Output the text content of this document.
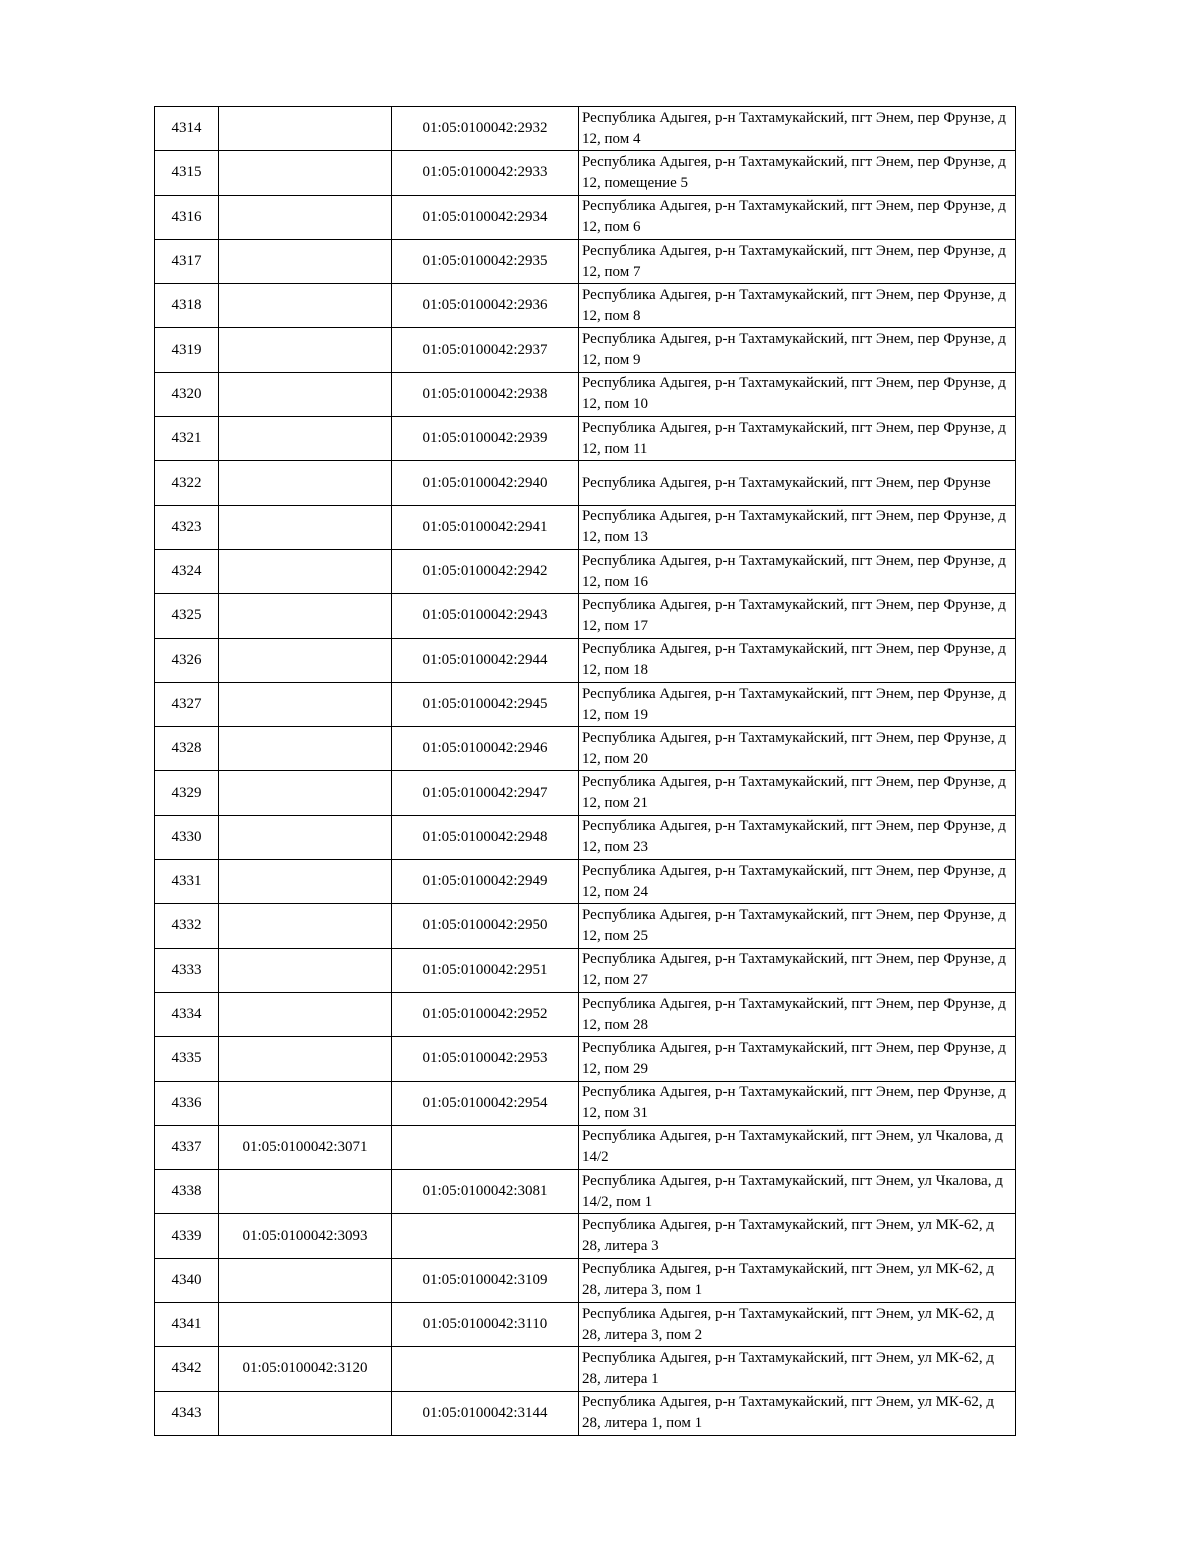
4314		01:05:0100042:2932	Республика Адыгея, р-н Тахтамукайский, пгт Энем, пер Фрунзе, д 12, пом 4
4315		01:05:0100042:2933	Республика Адыгея, р-н Тахтамукайский, пгт Энем, пер Фрунзе, д 12, помещение 5
4316		01:05:0100042:2934	Республика Адыгея, р-н Тахтамукайский, пгт Энем, пер Фрунзе, д 12, пом 6
4317		01:05:0100042:2935	Республика Адыгея, р-н Тахтамукайский, пгт Энем, пер Фрунзе, д 12, пом 7
4318		01:05:0100042:2936	Республика Адыгея, р-н Тахтамукайский, пгт Энем, пер Фрунзе, д 12, пом 8
4319		01:05:0100042:2937	Республика Адыгея, р-н Тахтамукайский, пгт Энем, пер Фрунзе, д 12, пом 9
4320		01:05:0100042:2938	Республика Адыгея, р-н Тахтамукайский, пгт Энем, пер Фрунзе, д 12, пом 10
4321		01:05:0100042:2939	Республика Адыгея, р-н Тахтамукайский, пгт Энем, пер Фрунзе, д 12, пом 11
4322		01:05:0100042:2940	Республика Адыгея, р-н Тахтамукайский, пгт Энем, пер Фрунзе
4323		01:05:0100042:2941	Республика Адыгея, р-н Тахтамукайский, пгт Энем, пер Фрунзе, д 12, пом 13
4324		01:05:0100042:2942	Республика Адыгея, р-н Тахтамукайский, пгт Энем, пер Фрунзе, д 12, пом 16
4325		01:05:0100042:2943	Республика Адыгея, р-н Тахтамукайский, пгт Энем, пер Фрунзе, д 12, пом 17
4326		01:05:0100042:2944	Республика Адыгея, р-н Тахтамукайский, пгт Энем, пер Фрунзе, д 12, пом 18
4327		01:05:0100042:2945	Республика Адыгея, р-н Тахтамукайский, пгт Энем, пер Фрунзе, д 12, пом 19
4328		01:05:0100042:2946	Республика Адыгея, р-н Тахтамукайский, пгт Энем, пер Фрунзе, д 12, пом 20
4329		01:05:0100042:2947	Республика Адыгея, р-н Тахтамукайский, пгт Энем, пер Фрунзе, д 12, пом 21
4330		01:05:0100042:2948	Республика Адыгея, р-н Тахтамукайский, пгт Энем, пер Фрунзе, д 12, пом 23
4331		01:05:0100042:2949	Республика Адыгея, р-н Тахтамукайский, пгт Энем, пер Фрунзе, д 12, пом 24
4332		01:05:0100042:2950	Республика Адыгея, р-н Тахтамукайский, пгт Энем, пер Фрунзе, д 12, пом 25
4333		01:05:0100042:2951	Республика Адыгея, р-н Тахтамукайский, пгт Энем, пер Фрунзе, д 12, пом 27
4334		01:05:0100042:2952	Республика Адыгея, р-н Тахтамукайский, пгт Энем, пер Фрунзе, д 12, пом 28
4335		01:05:0100042:2953	Республика Адыгея, р-н Тахтамукайский, пгт Энем, пер Фрунзе, д 12, пом 29
4336		01:05:0100042:2954	Республика Адыгея, р-н Тахтамукайский, пгт Энем, пер Фрунзе, д 12, пом 31
4337	01:05:0100042:3071		Республика Адыгея, р-н Тахтамукайский, пгт Энем, ул Чкалова, д 14/2
4338		01:05:0100042:3081	Республика Адыгея, р-н Тахтамукайский, пгт Энем, ул Чкалова, д 14/2, пом 1
4339	01:05:0100042:3093		Республика Адыгея, р-н Тахтамукайский, пгт Энем, ул МК-62, д 28, литера 3
4340		01:05:0100042:3109	Республика Адыгея, р-н Тахтамукайский, пгт Энем, ул МК-62, д 28, литера 3, пом 1
4341		01:05:0100042:3110	Республика Адыгея, р-н Тахтамукайский, пгт Энем, ул МК-62, д 28, литера 3, пом 2
4342	01:05:0100042:3120		Республика Адыгея, р-н Тахтамукайский, пгт Энем, ул МК-62, д 28, литера 1
4343		01:05:0100042:3144	Республика Адыгея, р-н Тахтамукайский, пгт Энем, ул МК-62, д 28, литера 1, пом 1
